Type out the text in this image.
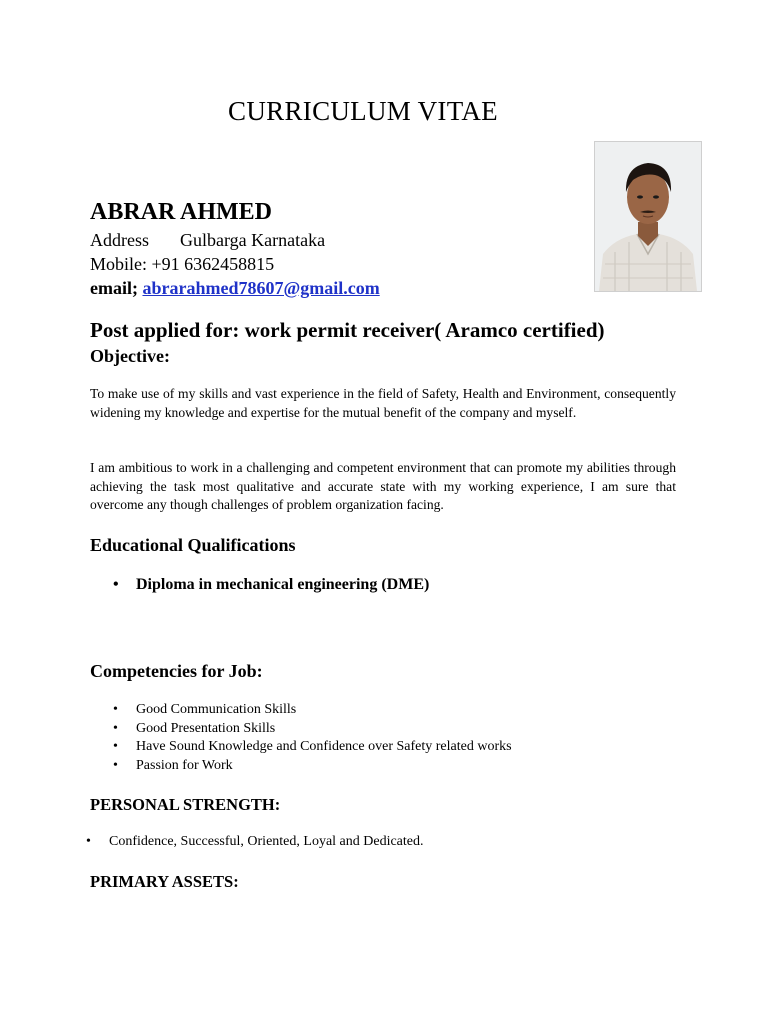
CURRICULUM VITAE
ABRAR AHMED
Address Gulbarga Karnataka
Mobile: +91 6362458815
email; abrarahmed78607@gmail.com
Post applied for: work permit receiver( Aramco certified)
Objective:
To make use of my skills and vast experience in the field of Safety, Health and Environment, consequently widening my knowledge and expertise for the mutual benefit of the company and myself.
I am ambitious to work in a challenging and competent environment that can promote my abilities through achieving the task most qualitative and accurate state with my working experience, I am sure that overcome any though challenges of problem organization facing.
Educational Qualifications
• Diploma in mechanical engineering (DME)
Competencies for Job:
• Good Communication Skills
• Good Presentation Skills
• Have Sound Knowledge and Confidence over Safety related works
• Passion for Work
PERSONAL STRENGTH:
• Confidence, Successful, Oriented, Loyal and Dedicated.
PRIMARY ASSETS:
